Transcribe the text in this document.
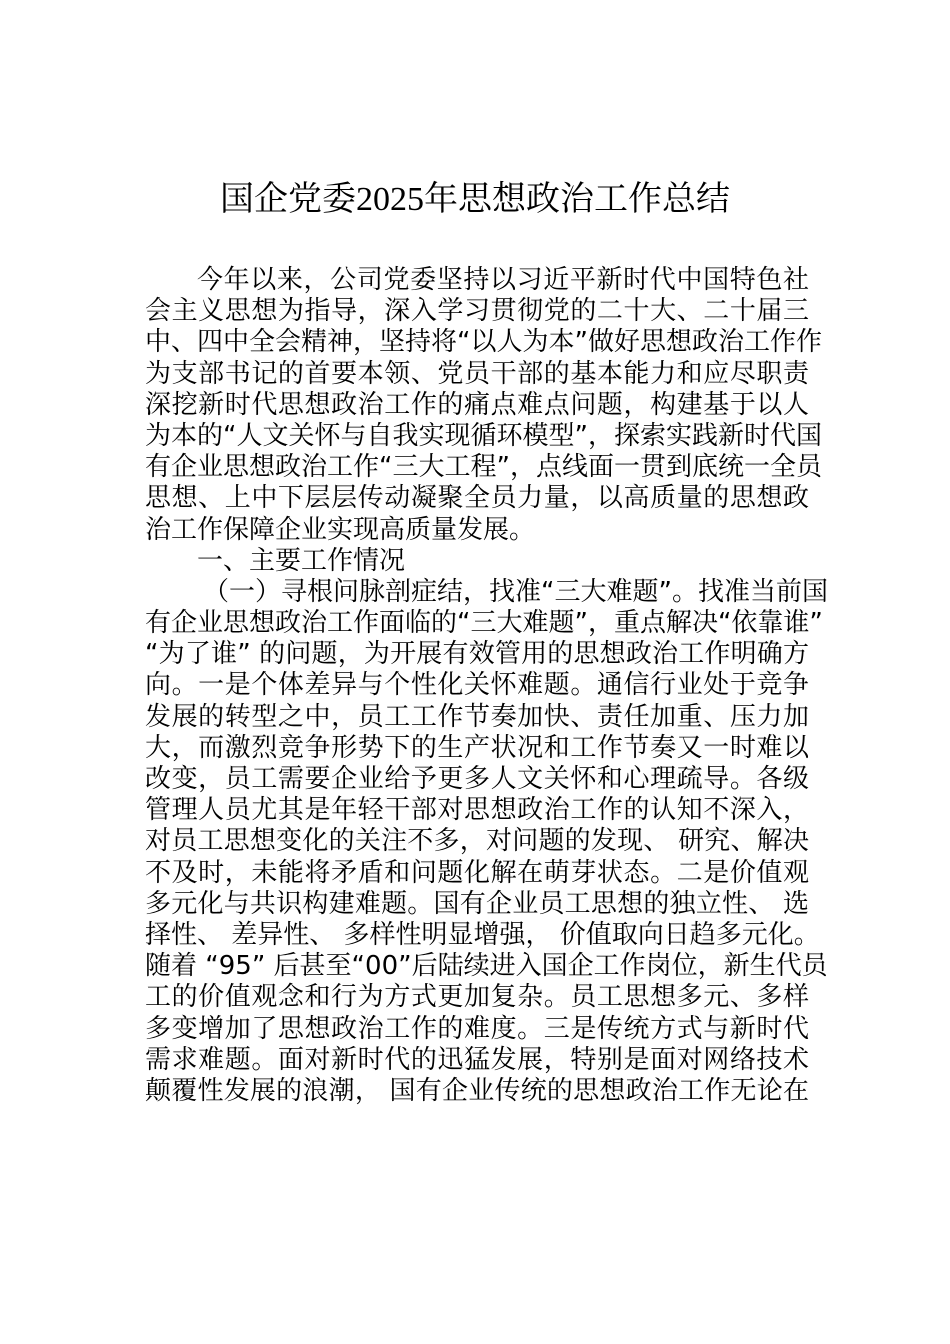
国企党委2025年思想政治工作总结
今年以来，公司党委坚持以习近平新时代中国特色社
会主义思想为指导，深入学习贯彻党的二十大、二十届三
中、四中全会精神，坚持将“以人为本”做好思想政治工作作
为支部书记的首要本领、党员干部的基本能力和应尽职责
深挖新时代思想政治工作的痛点难点问题，构建基于以人
为本的“人文关怀与自我实现循环模型”，探索实践新时代国
有企业思想政治工作“三大工程”，点线面一贯到底统一全员
思想、上中下层层传动凝聚全员力量，以高质量的思想政
治工作保障企业实现高质量发展。
一、主要工作情况
（一）寻根问脉剖症结，找准“三大难题”。找准当前国
有企业思想政治工作面临的“三大难题”，重点解决“依靠谁”
“为了谁” 的问题，为开展有效管用的思想政治工作明确方
向。一是个体差异与个性化关怀难题。通信行业处于竞争
发展的转型之中，员工工作节奏加快、责任加重、压力加
大，而激烈竞争形势下的生产状况和工作节奏又一时难以
改变，员工需要企业给予更多人文关怀和心理疏导。各级
管理人员尤其是年轻干部对思想政治工作的认知不深入，
对员工思想变化的关注不多，对问题的发现、 研究、解决
不及时，未能将矛盾和问题化解在萌芽状态。二是价值观
多元化与共识构建难题。国有企业员工思想的独立性、 选
择性、 差异性、 多样性明显增强， 价值取向日趋多元化。
随着 “95” 后甚至“00”后陆续进入国企工作岗位，新生代员
工的价值观念和行为方式更加复杂。员工思想多元、多样
多变增加了思想政治工作的难度。三是传统方式与新时代
需求难题。面对新时代的迅猛发展，特别是面对网络技术
颠覆性发展的浪潮， 国有企业传统的思想政治工作无论在
